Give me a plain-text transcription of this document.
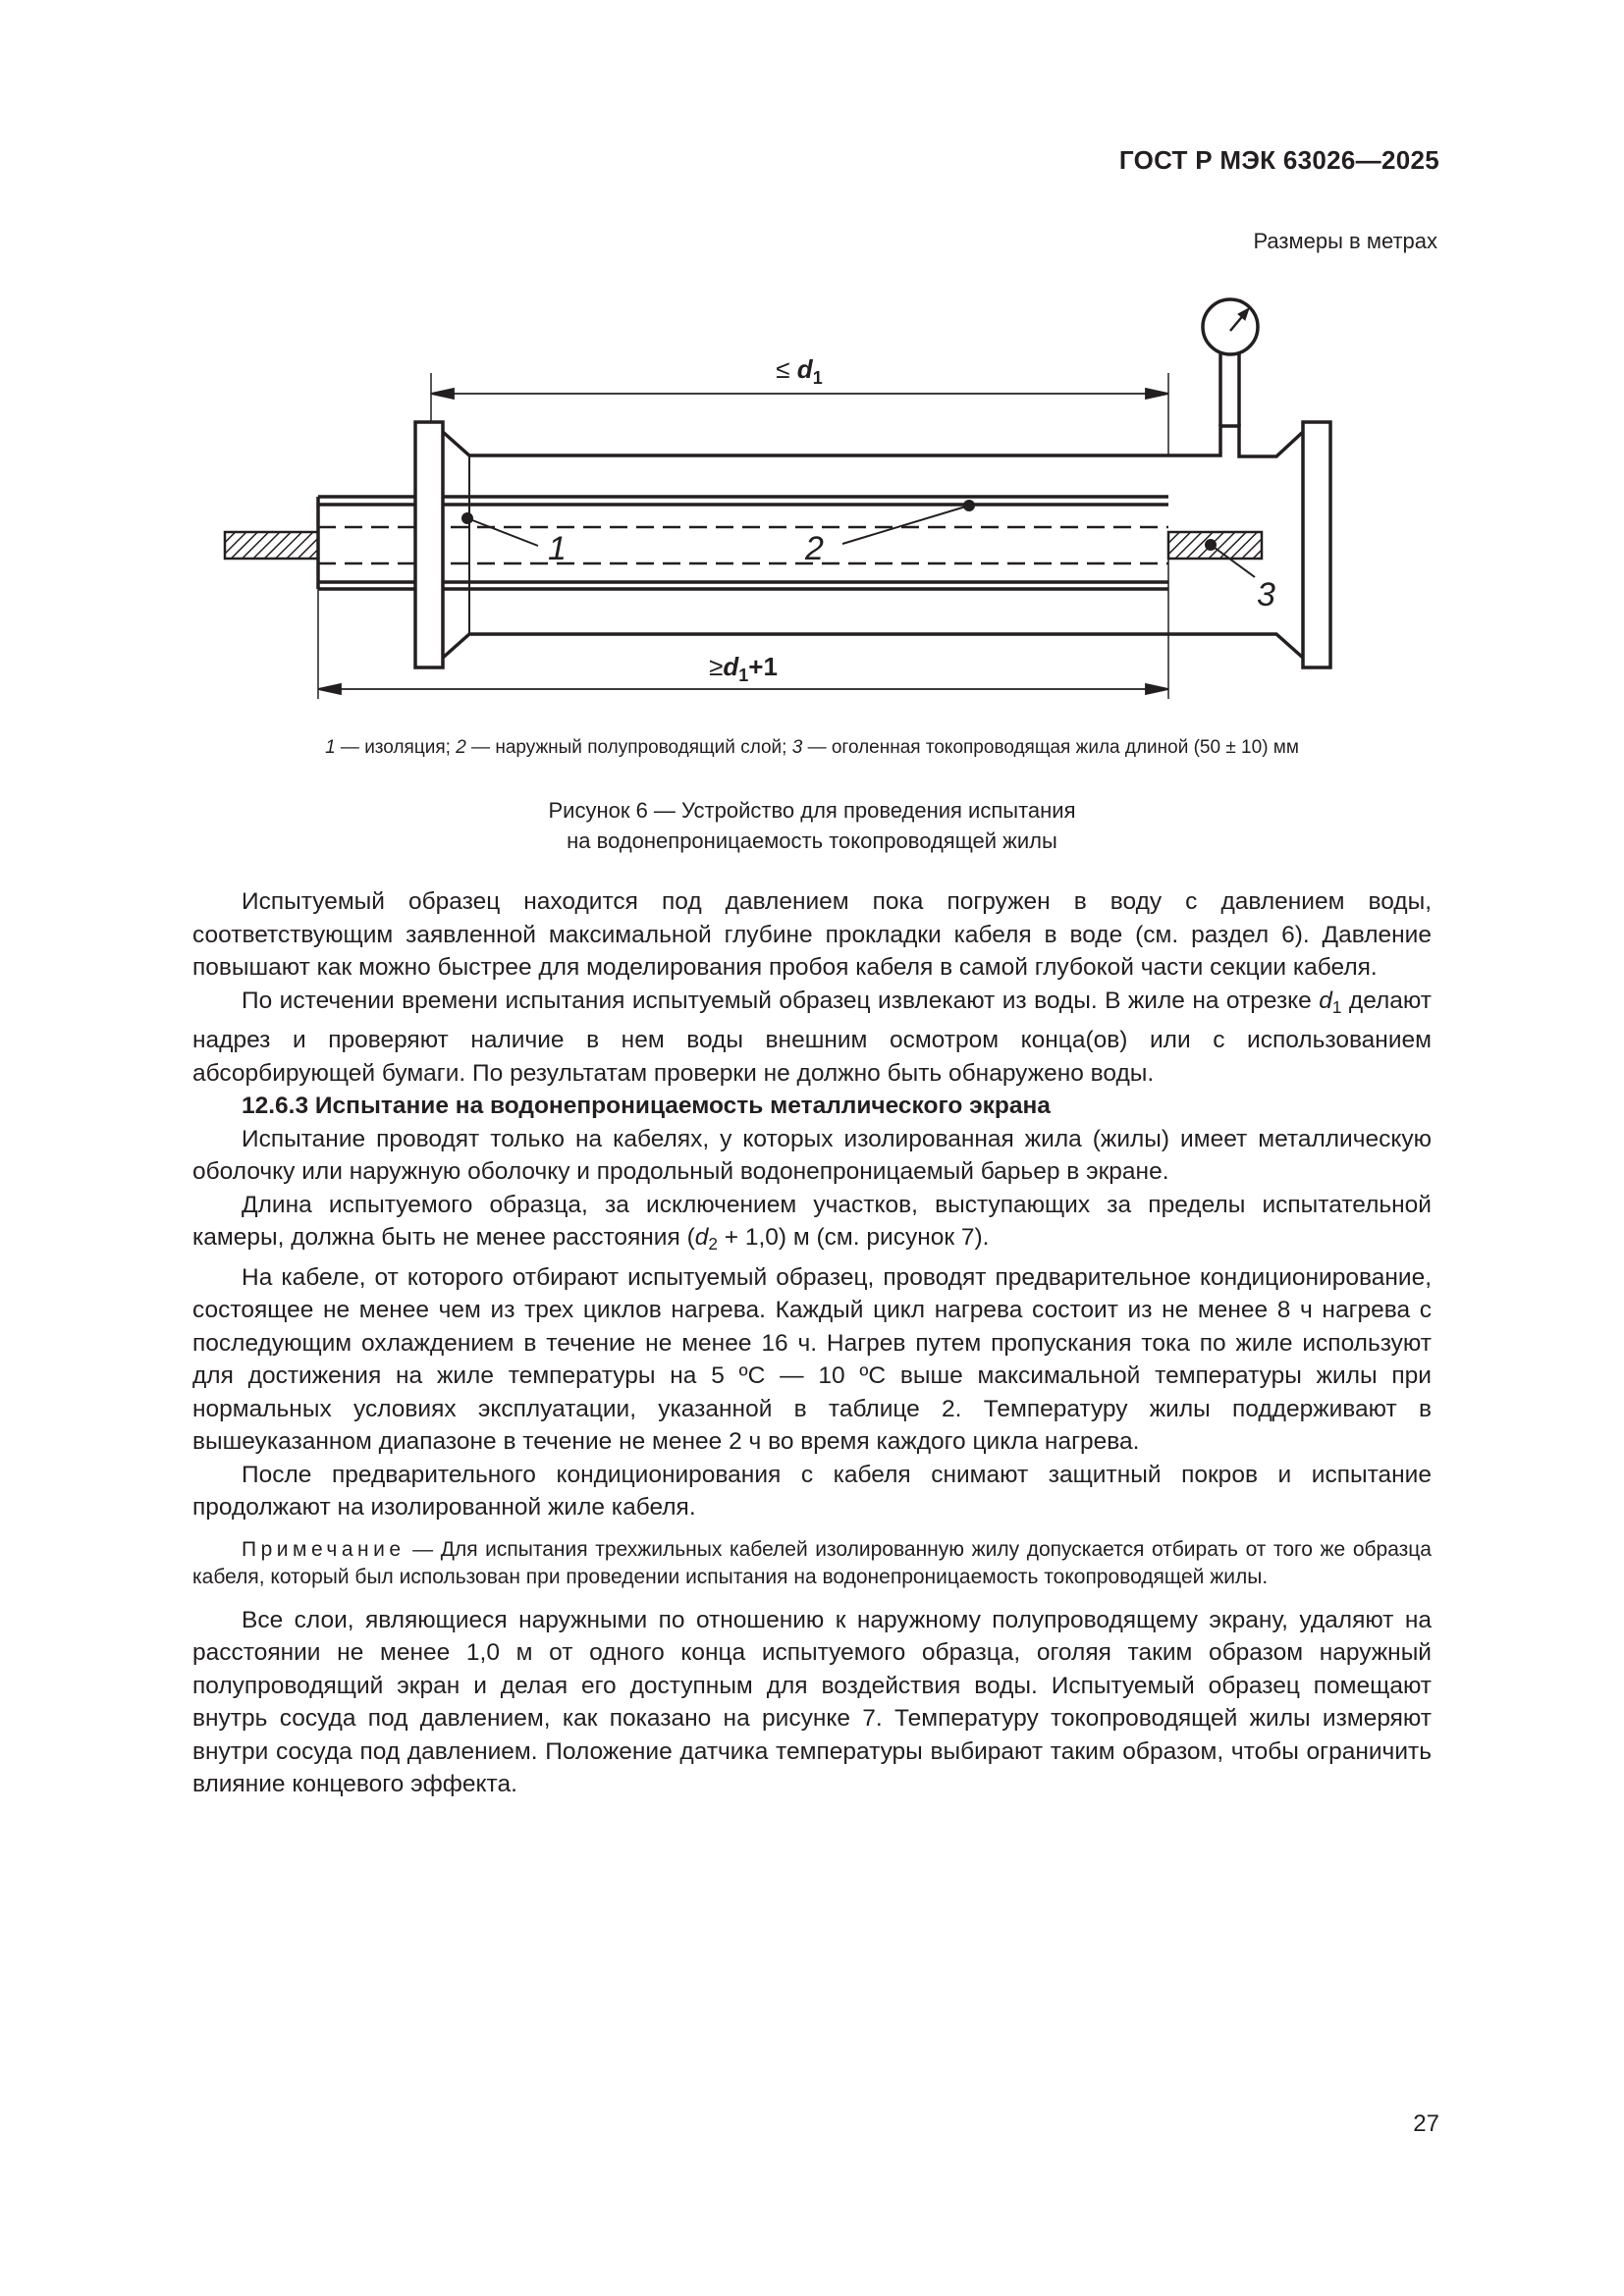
ГОСТ Р МЭК 63026—2025
Размеры в метрах
≤ $d_1$
$\ge d_1+1$
1	2
3
1 — изоляция; 2 — наружный полупроводящий слой; 3 — оголенная токопроводящая жила длиной (50 ± 10) мм
Рисунок 6 — Устройство для проведения испытания
на водонепроницаемость токопроводящей жилы

Испытуемый образец находится под давлением пока погружен в воду с давлением воды, соответствующим заявленной максимальной глубине прокладки кабеля в воде (см. раздел 6). Давление повышают как можно быстрее для моделирования пробоя кабеля в самой глубокой части секции кабеля.

По истечении времени испытания испытуемый образец извлекают из воды. В жиле на отрезке $d_1$ делают надрез и проверяют наличие в нем воды внешним осмотром конца(ов) или с использованием абсорбирующей бумаги. По результатам проверки не должно быть обнаружено воды.

12.6.3 Испытание на водонепроницаемость металлического экрана

Испытание проводят только на кабелях, у которых изолированная жила (жилы) имеет металлическую оболочку или наружную оболочку и продольный водонепроницаемый барьер в экране.

Длина испытуемого образца, за исключением участков, выступающих за пределы испытательной камеры, должна быть не менее расстояния $(d_2 + 1,0)$ м (см. рисунок 7).

На кабеле, от которого отбирают испытуемый образец, проводят предварительное кондиционирование, состоящее не менее чем из трех циклов нагрева. Каждый цикл нагрева состоит из не менее 8 ч нагрева с последующим охлаждением в течение не менее 16 ч. Нагрев путем пропускания тока по жиле используют для достижения на жиле температуры на 5 ºС — 10 ºС выше максимальной температуры жилы при нормальных условиях эксплуатации, указанной в таблице 2. Температуру жилы поддерживают в вышеуказанном диапазоне в течение не менее 2 ч во время каждого цикла нагрева.

После предварительного кондиционирования с кабеля снимают защитный покров и испытание продолжают на изолированной жиле кабеля.

Примечание — Для испытания трехжильных кабелей изолированную жилу допускается отбирать от того же образца кабеля, который был использован при проведении испытания на водонепроницаемость токопроводящей жилы.

Все слои, являющиеся наружными по отношению к наружному полупроводящему экрану, удаляют на расстоянии не менее 1,0 м от одного конца испытуемого образца, оголяя таким образом наружный полупроводящий экран и делая его доступным для воздействия воды. Испытуемый образец помещают внутрь сосуда под давлением, как показано на рисунке 7. Температуру токопроводящей жилы измеряют внутри сосуда под давлением. Положение датчика температуры выбирают таким образом, чтобы ограничить влияние концевого эффекта.

27
